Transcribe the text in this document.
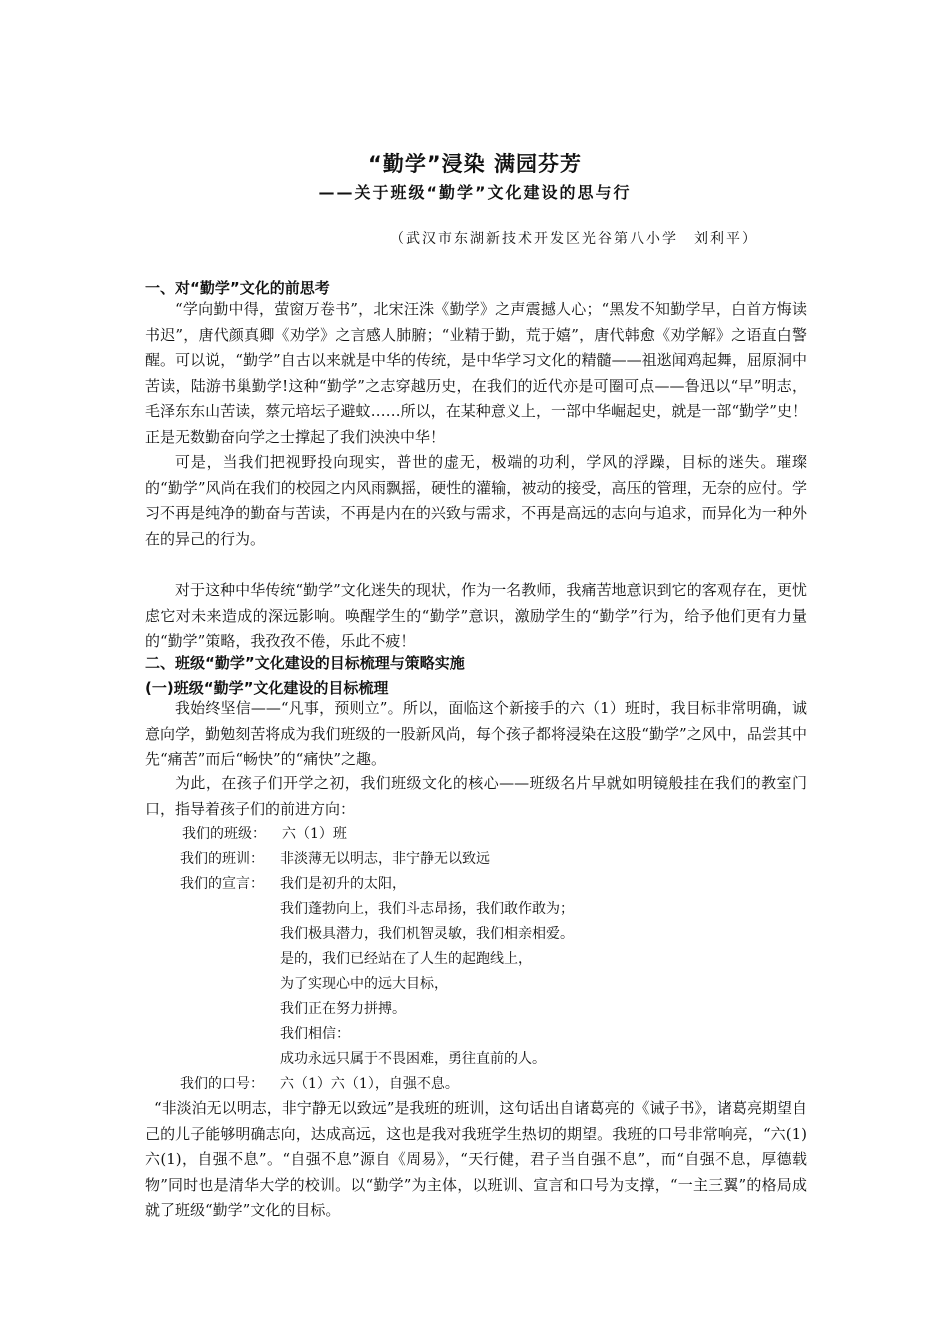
“勤学”浸染 满园芬芳
——关于班级“勤学”文化建设的思与行
（武汉市东湖新技术开发区光谷第八小学　刘利平）
一、对“勤学”文化的前思考

“学向勤中得，萤窗万卷书”，北宋汪洙《勤学》之声震撼人心；“黑发不知勤学早，白首方悔读书迟”，唐代颜真卿《劝学》之言感人肺腑；“业精于勤，荒于嬉”，唐代韩愈《劝学解》之语直白警醒。可以说，“勤学”自古以来就是中华的传统，是中华学习文化的精髓——祖逖闻鸡起舞，屈原洞中苦读，陆游书巢勤学!这种“勤学”之志穿越历史，在我们的近代亦是可圈可点——鲁迅以“早”明志，毛泽东东山苦读，蔡元培坛子避蚊……所以，在某种意义上，一部中华崛起史，就是一部“勤学”史！正是无数勤奋向学之士撑起了我们泱泱中华！

可是，当我们把视野投向现实，普世的虚无，极端的功利，学风的浮躁，目标的迷失。璀璨的“勤学”风尚在我们的校园之内风雨飘摇，硬性的灌输，被动的接受，高压的管理，无奈的应付。学习不再是纯净的勤奋与苦读，不再是内在的兴致与需求，不再是高远的志向与追求，而异化为一种外在的异己的行为。

对于这种中华传统“勤学”文化迷失的现状，作为一名教师，我痛苦地意识到它的客观存在，更忧虑它对未来造成的深远影响。唤醒学生的“勤学”意识，激励学生的“勤学”行为，给予他们更有力量的“勤学”策略，我孜孜不倦，乐此不疲！

二、班级“勤学”文化建设的目标梳理与策略实施
(一)班级“勤学”文化建设的目标梳理

我始终坚信——“凡事，预则立”。所以，面临这个新接手的六（1）班时，我目标非常明确，诚意向学，勤勉刻苦将成为我们班级的一股新风尚，每个孩子都将浸染在这股“勤学”之风中，品尝其中先“痛苦”而后“畅快”的“痛快”之趣。

为此，在孩子们开学之初，我们班级文化的核心——班级名片早就如明镜般挂在我们的教室门口，指导着孩子们的前进方向：

我们的班级：	六（1）班
我们的班训：	非淡薄无以明志，非宁静无以致远
我们的宣言：	我们是初升的太阳，
我们蓬勃向上，我们斗志昂扬，我们敢作敢为；
我们极具潜力，我们机智灵敏，我们相亲相爱。
是的，我们已经站在了人生的起跑线上，
为了实现心中的远大目标，
我们正在努力拼搏。
我们相信：
成功永远只属于不畏困难，勇往直前的人。
我们的口号：	六（1）六（1），自强不息。

“非淡泊无以明志，非宁静无以致远”是我班的班训，这句话出自诸葛亮的《诫子书》，诸葛亮期望自己的儿子能够明确志向，达成高远，这也是我对我班学生热切的期望。我班的口号非常响亮，“六(1)六(1)，自强不息”。“自强不息”源自《周易》，“天行健，君子当自强不息”，而“自强不息，厚德载物”同时也是清华大学的校训。以“勤学”为主体，以班训、宣言和口号为支撑，“一主三翼”的格局成就了班级“勤学”文化的目标。
